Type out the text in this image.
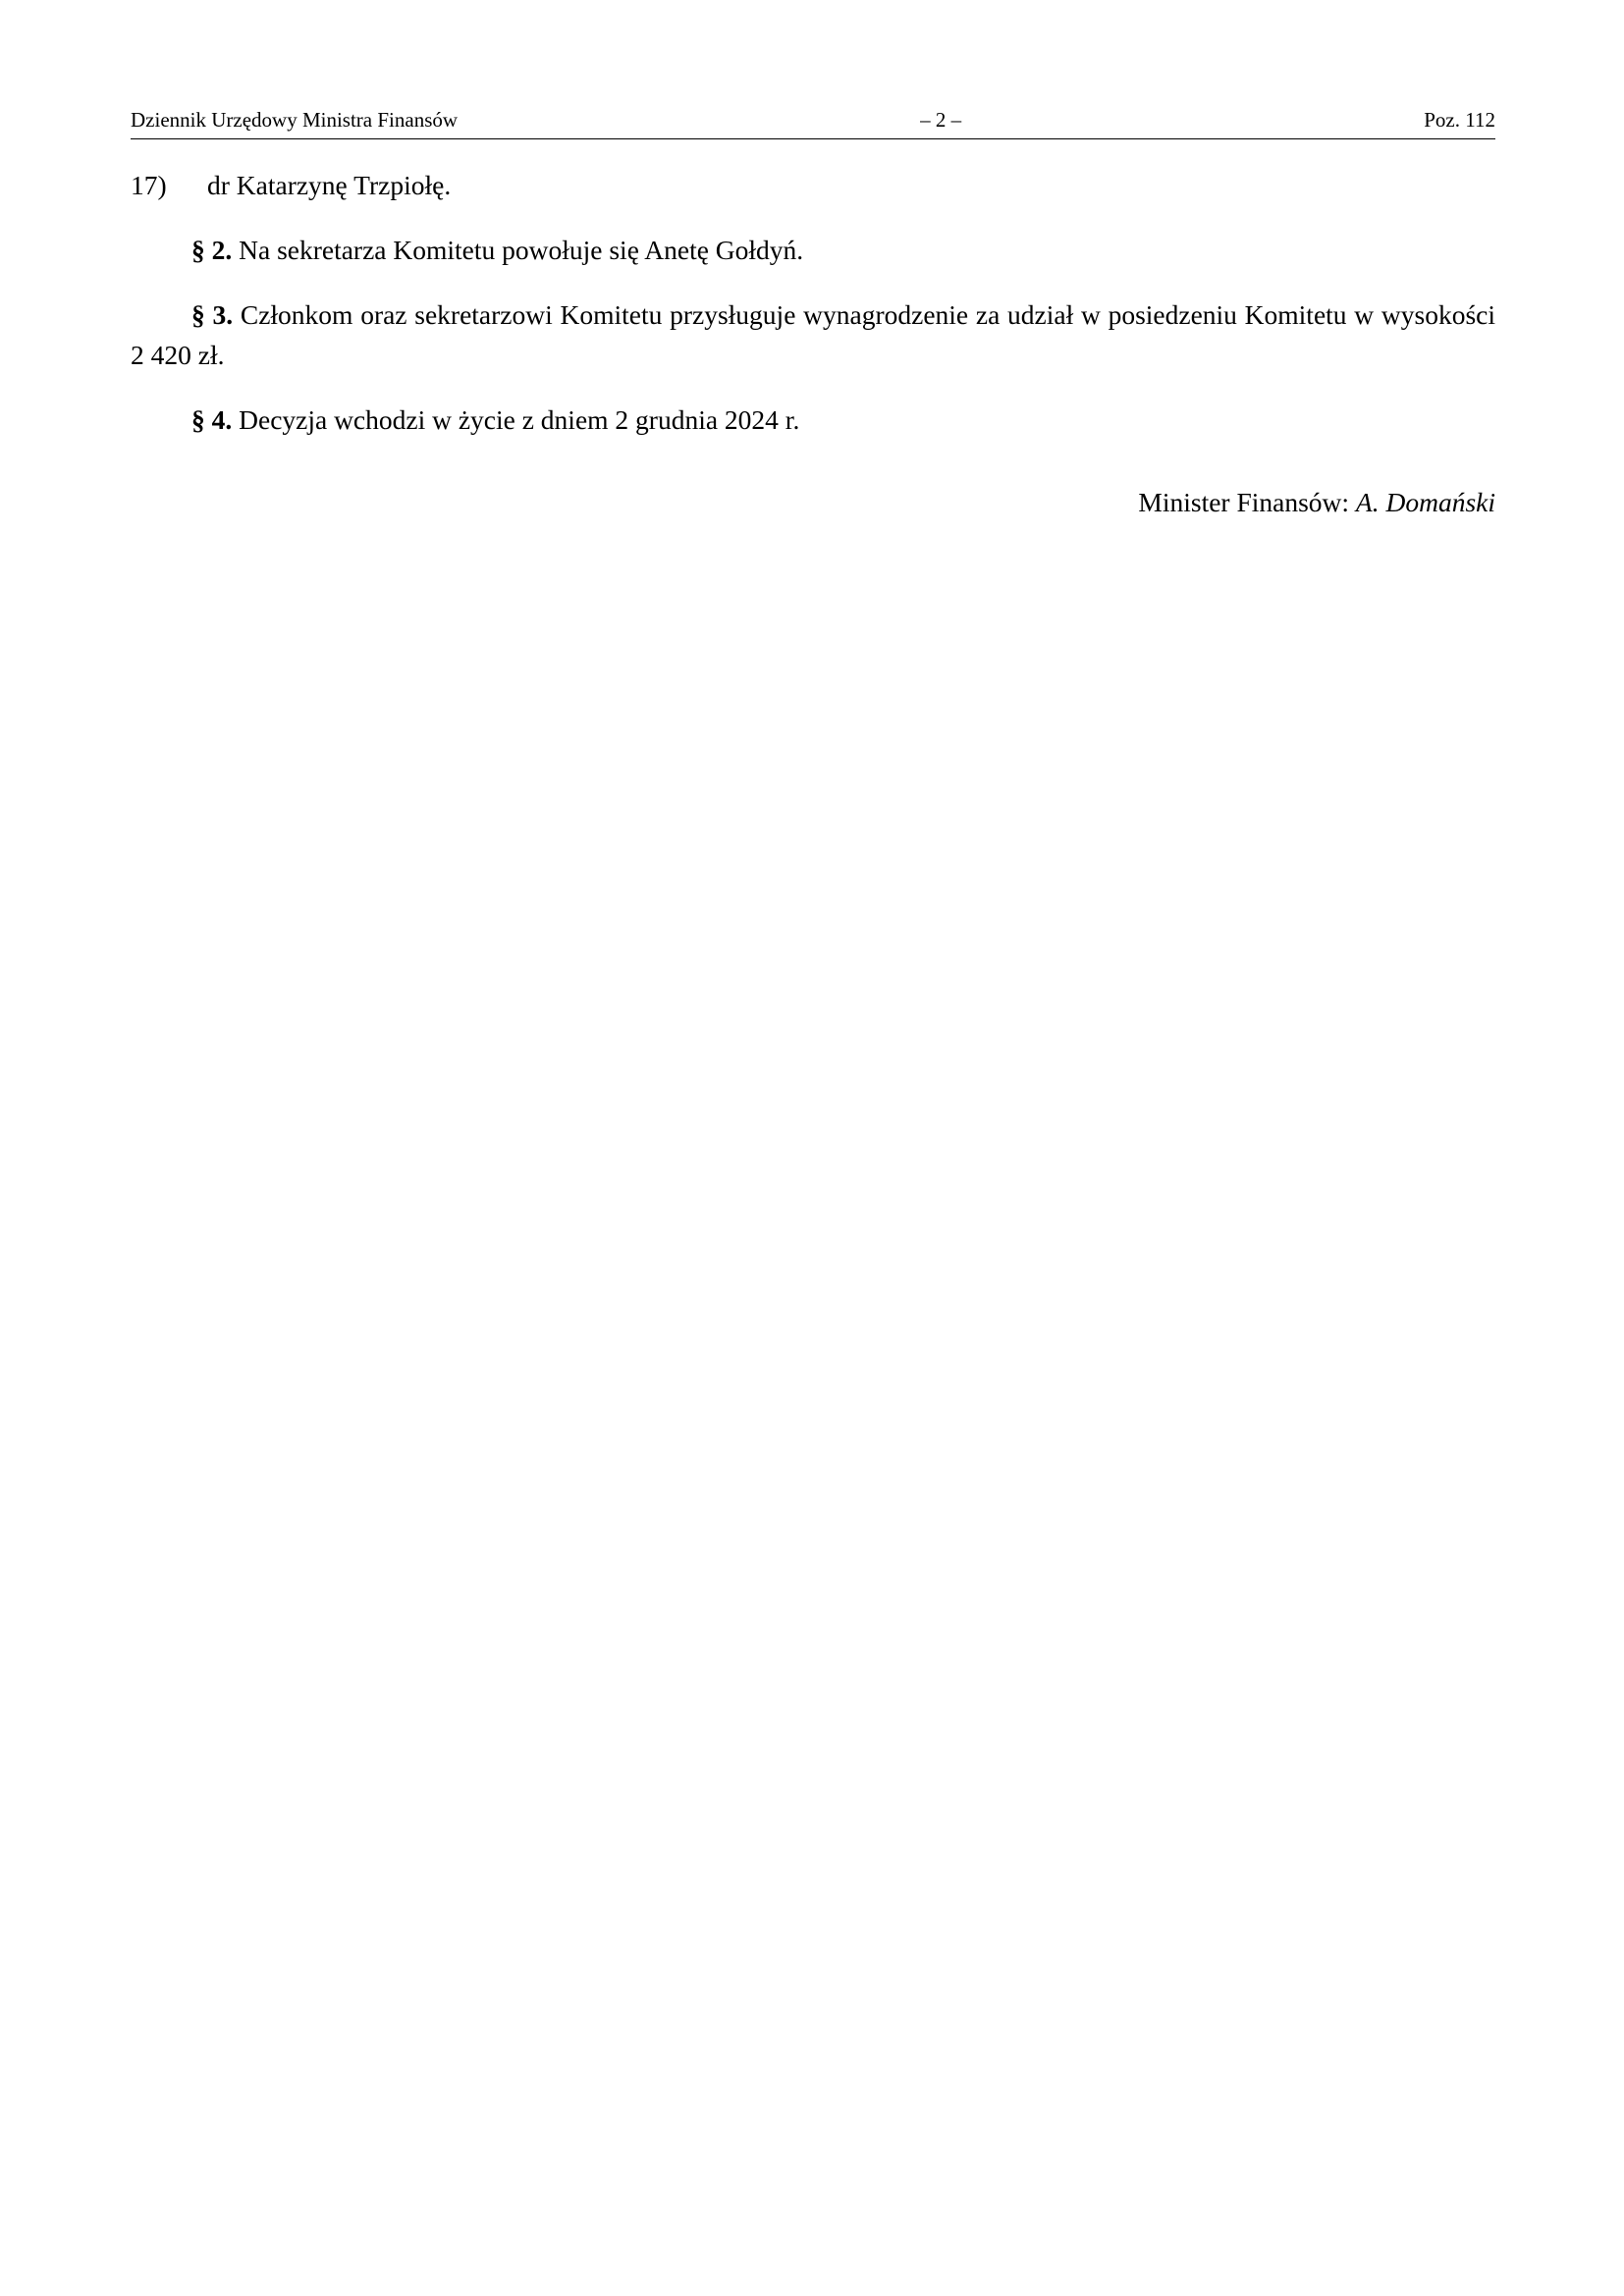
Dziennik Urzędowy Ministra Finansów	– 2 –	Poz. 112
17)	dr Katarzynę Trzpiołę.

§ 2. Na sekretarza Komitetu powołuje się Anetę Gołdyń.

§ 3. Członkom oraz sekretarzowi Komitetu przysługuje wynagrodzenie za udział w posiedzeniu Komitetu w wysokości 2 420 zł.

§ 4. Decyzja wchodzi w życie z dniem 2 grudnia 2024 r.

Minister Finansów: A. Domański
